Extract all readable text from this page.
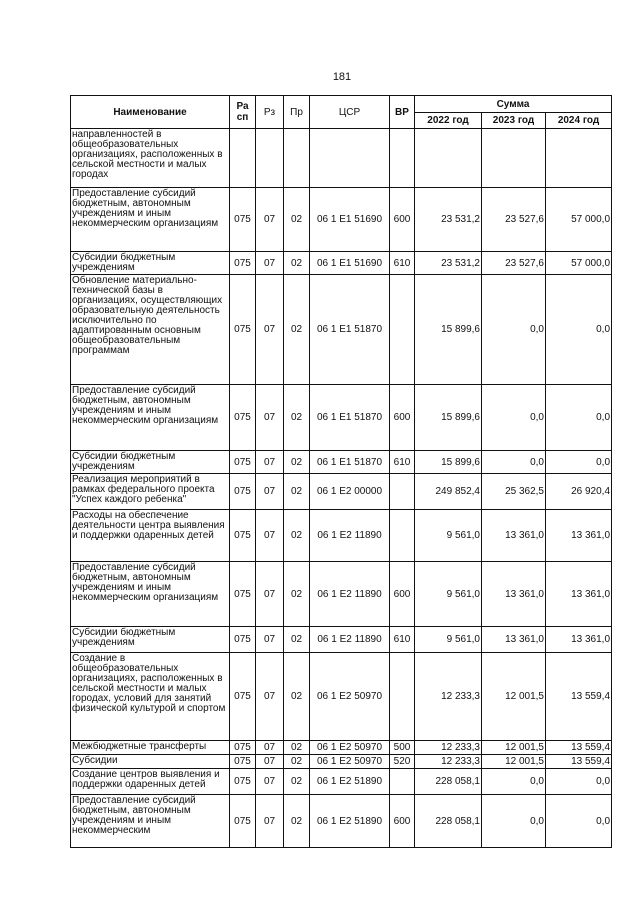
181
Наименование	Ра сп	Рз	Пр	ЦСР	ВР	Сумма		
						2022 год	2023 год	2024 год
направленностей в общеобразовательных организациях, расположенных в сельской местности и малых городах								
Предоставление субсидий бюджетным, автономным учреждениям и иным некоммерческим организациям	075	07	02	06 1 E1 51690	600	23 531,2	23 527,6	57 000,0
Субсидии бюджетным учреждениям	075	07	02	06 1 E1 51690	610	23 531,2	23 527,6	57 000,0
Обновление материально-технической базы в организациях, осуществляющих образовательную деятельность исключительно по адаптированным основным общеобразовательным программам	075	07	02	06 1 E1 51870		15 899,6	0,0	0,0
Предоставление субсидий бюджетным, автономным учреждениям и иным некоммерческим организациям	075	07	02	06 1 E1 51870	600	15 899,6	0,0	0,0
Субсидии бюджетным учреждениям	075	07	02	06 1 E1 51870	610	15 899,6	0,0	0,0
Реализация мероприятий в рамках федерального проекта "Успех каждого ребенка"	075	07	02	06 1 E2 00000		249 852,4	25 362,5	26 920,4
Расходы на обеспечение деятельности центра выявления и поддержки одаренных детей	075	07	02	06 1 E2 11890		9 561,0	13 361,0	13 361,0
Предоставление субсидий бюджетным, автономным учреждениям и иным некоммерческим организациям	075	07	02	06 1 E2 11890	600	9 561,0	13 361,0	13 361,0
Субсидии бюджетным учреждениям	075	07	02	06 1 E2 11890	610	9 561,0	13 361,0	13 361,0
Создание в общеобразовательных организациях, расположенных в сельской местности и малых городах, условий для занятий физической культурой и спортом	075	07	02	06 1 E2 50970		12 233,3	12 001,5	13 559,4
Межбюджетные трансферты	075	07	02	06 1 E2 50970	500	12 233,3	12 001,5	13 559,4
Субсидии	075	07	02	06 1 E2 50970	520	12 233,3	12 001,5	13 559,4
Создание центров выявления и поддержки одаренных детей	075	07	02	06 1 E2 51890		228 058,1	0,0	0,0
Предоставление субсидий бюджетным, автономным учреждениям и иным некоммерческим	075	07	02	06 1 E2 51890	600	228 058,1	0,0	0,0
